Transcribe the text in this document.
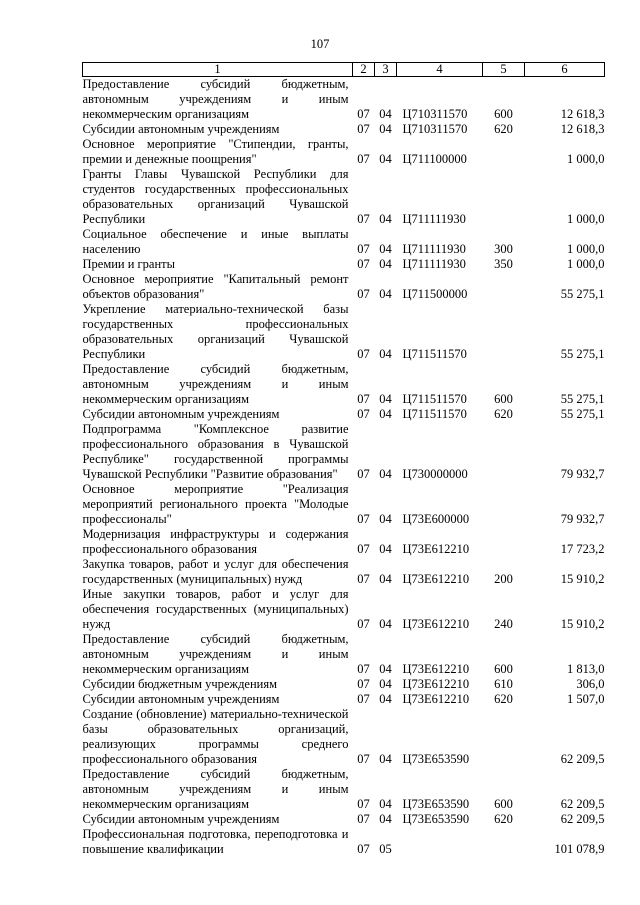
107
1	2	3	4	5	6
Предоставление субсидий бюджетным, автономным учреждениям и иным некоммерческим организациям	07	04	Ц710311570	600	12 618,3
Субсидии автономным учреждениям	07	04	Ц710311570	620	12 618,3
Основное мероприятие "Стипендии, гранты, премии и денежные поощрения"	07	04	Ц711100000		1 000,0
Гранты Главы Чувашской Республики для студентов государственных профессиональных образовательных организаций Чувашской Республики	07	04	Ц711111930		1 000,0
Социальное обеспечение и иные выплаты населению	07	04	Ц711111930	300	1 000,0
Премии и гранты	07	04	Ц711111930	350	1 000,0
Основное мероприятие "Капитальный ремонт объектов образования"	07	04	Ц711500000		55 275,1
Укрепление материально-технической базы государственных профессиональных образовательных организаций Чувашской Республики	07	04	Ц711511570		55 275,1
Предоставление субсидий бюджетным, автономным учреждениям и иным некоммерческим организациям	07	04	Ц711511570	600	55 275,1
Субсидии автономным учреждениям	07	04	Ц711511570	620	55 275,1
Подпрограмма "Комплексное развитие профессионального образования в Чувашской Республике" государственной программы Чувашской Республики "Развитие образования"	07	04	Ц730000000		79 932,7
Основное мероприятие "Реализация мероприятий регионального проекта "Молодые профессионалы"	07	04	Ц73E600000		79 932,7
Модернизация инфраструктуры и содержания профессионального образования	07	04	Ц73E612210		17 723,2
Закупка товаров, работ и услуг для обеспечения государственных (муниципальных) нужд	07	04	Ц73E612210	200	15 910,2
Иные закупки товаров, работ и услуг для обеспечения государственных (муниципальных) нужд	07	04	Ц73E612210	240	15 910,2
Предоставление субсидий бюджетным, автономным учреждениям и иным некоммерческим организациям	07	04	Ц73E612210	600	1 813,0
Субсидии бюджетным учреждениям	07	04	Ц73E612210	610	306,0
Субсидии автономным учреждениям	07	04	Ц73E612210	620	1 507,0
Создание (обновление) материально-технической базы образовательных организаций, реализующих программы среднего профессионального образования	07	04	Ц73E653590		62 209,5
Предоставление субсидий бюджетным, автономным учреждениям и иным некоммерческим организациям	07	04	Ц73E653590	600	62 209,5
Субсидии автономным учреждениям	07	04	Ц73E653590	620	62 209,5
Профессиональная подготовка, переподготовка и повышение квалификации	07	05			101 078,9
